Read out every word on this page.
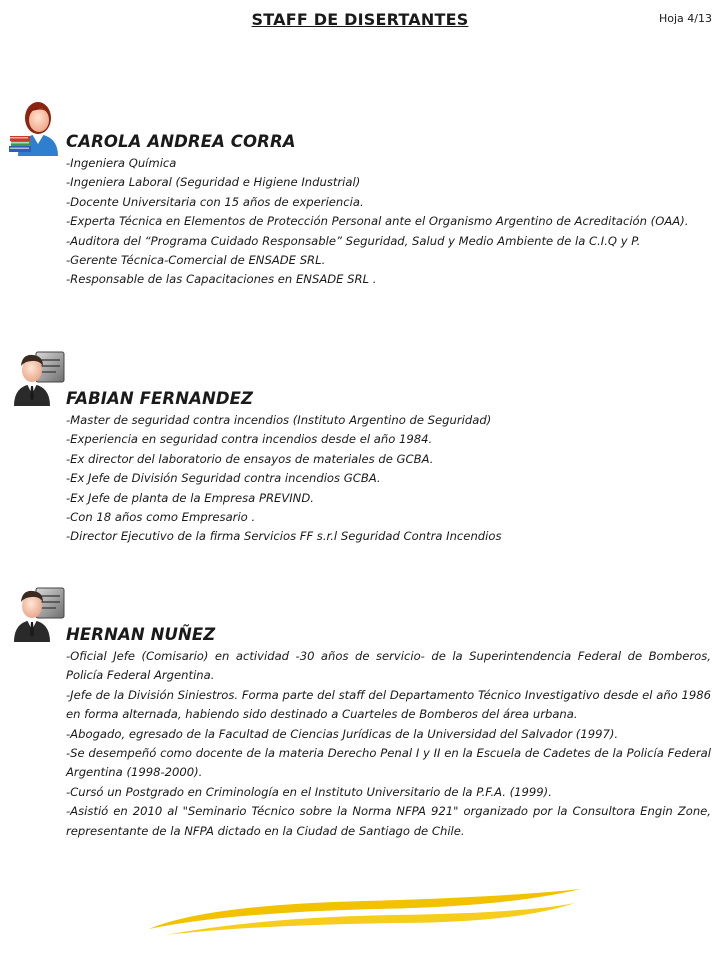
STAFF DE DISERTANTES	Hoja 4/13
CAROLA ANDREA CORRA
-Ingeniera Química
-Ingeniera Laboral (Seguridad e Higiene Industrial)
-Docente Universitaria con 15 años de experiencia.
-Experta Técnica en Elementos de Protección Personal ante el Organismo Argentino de Acreditación (OAA).
-Auditora del “Programa Cuidado Responsable” Seguridad, Salud y Medio Ambiente de la C.I.Q y P.
-Gerente Técnica-Comercial de ENSADE SRL.
-Responsable de las Capacitaciones en ENSADE SRL .
FABIAN FERNANDEZ
-Master de seguridad contra incendios (Instituto Argentino de Seguridad)
-Experiencia en seguridad contra incendios desde el año 1984.
-Ex director del laboratorio de ensayos de materiales de GCBA.
-Ex Jefe de División Seguridad contra incendios GCBA.
-Ex Jefe de planta de la Empresa PREVIND.
-Con 18 años como Empresario .
-Director Ejecutivo de la firma Servicios FF s.r.l Seguridad Contra Incendios
HERNAN NUÑEZ
-Oficial Jefe (Comisario) en actividad -30 años de servicio- de la Superintendencia Federal de Bomberos, Policía Federal Argentina.
-Jefe de la División Siniestros. Forma parte del staff del Departamento Técnico Investigativo desde el año 1986 en forma alternada, habiendo sido destinado a Cuarteles de Bomberos del área urbana.
-Abogado, egresado de la Facultad de Ciencias Jurídicas de la Universidad del Salvador (1997).
-Se desempeñó como docente de la materia Derecho Penal I y II en la Escuela de Cadetes de la Policía Federal Argentina (1998-2000).
-Cursó un Postgrado en Criminología en el Instituto Universitario de la P.F.A. (1999).
-Asistió en 2010 al "Seminario Técnico sobre la Norma NFPA 921" organizado por la Consultora Engin Zone, representante de la NFPA dictado en la Ciudad de Santiago de Chile.
